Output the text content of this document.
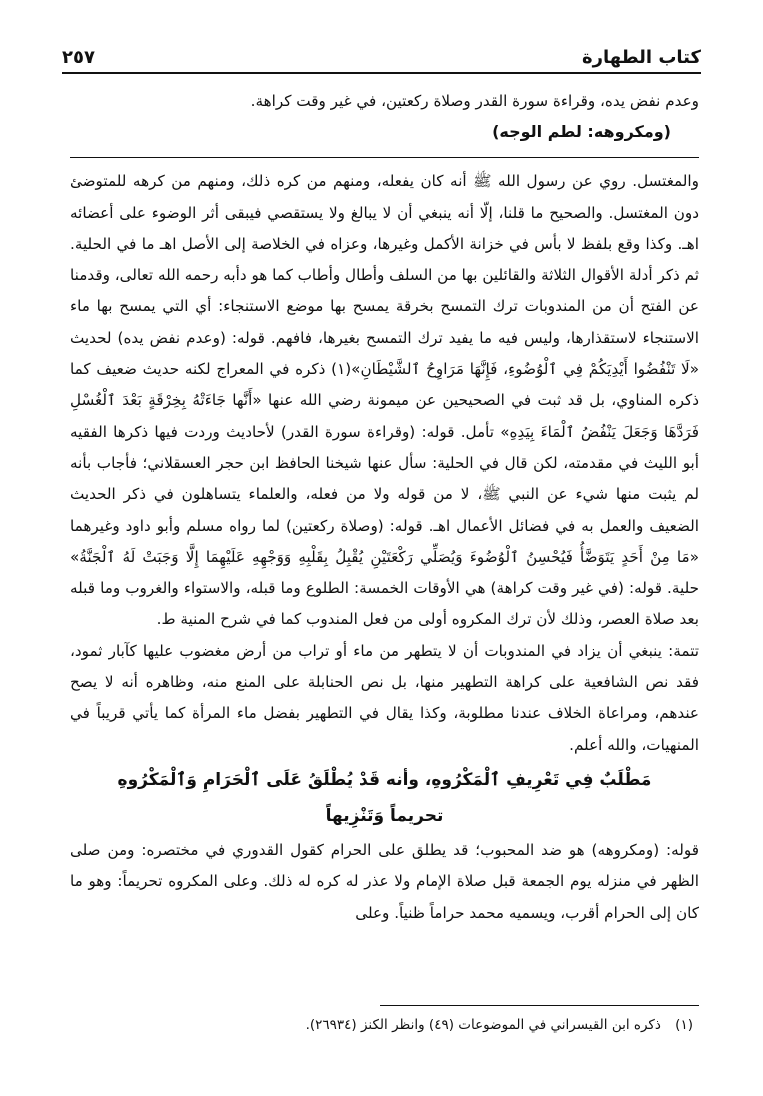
كتاب الطهارة
٢٥٧

وعدم نفض يده، وقراءة سورة القدر وصلاة ركعتين، في غير وقت كراهة.

(ومكروهه: لطم الوجه)

والمغتسل. روي عن رسول الله ﷺ أنه كان يفعله، ومنهم من كره ذلك، ومنهم من كرهه للمتوضئ دون المغتسل. والصحيح ما قلنا، إلّا أنه ينبغي أن لا يبالغ ولا يستقصي فيبقى أثر الوضوء على أعضائه اهـ. وكذا وقع بلفظ لا بأس في خزانة الأكمل وغيرها، وعزاه في الخلاصة إلى الأصل اهـ ما في الحلية. ثم ذكر أدلة الأقوال الثلاثة والقائلين بها من السلف وأطال وأطاب كما هو دأبه رحمه الله تعالى، وقدمنا عن الفتح أن من المندوبات ترك التمسح بخرقة يمسح بها موضع الاستنجاء: أي التي يمسح بها ماء الاستنجاء لاستقذارها، وليس فيه ما يفيد ترك التمسح بغيرها، فافهم. قوله: (وعدم نفض يده) لحديث «لَا تَنْفُضُوا أَيْدِيَكُمْ فِي ٱلْوُضُوءِ، فَإِنَّهَا مَرَاوِحُ ٱلشَّيْطَانِ»(١) ذكره في المعراج لكنه حديث ضعيف كما ذكره المناوي، بل قد ثبت في الصحيحين عن ميمونة رضي الله عنها «أَنَّها جَاءَتْهُ بِخِرْقَةٍ بَعْدَ ٱلْغُسْلِ فَرَدَّهَا وَجَعَلَ يَنْفُضُ ٱلْمَاءَ بِيَدِهِ» تأمل. قوله: (وقراءة سورة القدر) لأحاديث وردت فيها ذكرها الفقيه أبو الليث في مقدمته، لكن قال في الحلية: سأل عنها شيخنا الحافظ ابن حجر العسقلاني؛ فأجاب بأنه لم يثبت منها شيء عن النبي ﷺ، لا من قوله ولا من فعله، والعلماء يتساهلون في ذكر الحديث الضعيف والعمل به في فضائل الأعمال اهـ. قوله: (وصلاة ركعتين) لما رواه مسلم وأبو داود وغيرهما «مَا مِنْ أَحَدٍ يَتَوَضَّأُ فَيُحْسِنُ ٱلْوُضُوءَ وَيُصَلِّي رَكْعَتَيْنِ يُقْبِلُ بِقَلْبِهِ وَوَجْهِهِ عَلَيْهِمَا إِلَّا وَجَبَتْ لَهُ ٱلْجَنَّةُ» حلية. قوله: (في غير وقت كراهة) هي الأوقات الخمسة: الطلوع وما قبله، والاستواء والغروب وما قبله بعد صلاة العصر، وذلك لأن ترك المكروه أولى من فعل المندوب كما في شرح المنية ط.

تتمة: ينبغي أن يزاد في المندوبات أن لا يتطهر من ماء أو تراب من أرض مغضوب عليها كآبار ثمود، فقد نص الشافعية على كراهة التطهير منها، بل نص الحنابلة على المنع منه، وظاهره أنه لا يصح عندهم، ومراعاة الخلاف عندنا مطلوبة، وكذا يقال في التطهير بفضل ماء المرأة كما يأتي قريباً في المنهيات، والله أعلم.

مَطْلَبٌ فِي تَعْرِيفِ ٱلْمَكْرُوهِ، وأنه قَدْ يُطْلَقُ عَلَى ٱلْحَرَامِ وَٱلْمَكْرُوهِ
تحريماً وَتَنْزِيهاً

قوله: (ومكروهه) هو ضد المحبوب؛ قد يطلق على الحرام كقول القدوري في مختصره: ومن صلى الظهر في منزله يوم الجمعة قبل صلاة الإمام ولا عذر له كره له ذلك. وعلى المكروه تحريماً: وهو ما كان إلى الحرام أقرب، ويسميه محمد حراماً ظنياً. وعلى

(١) ذكره ابن القيسراني في الموضوعات (٤٩) وانظر الكنز (٢٦٩٣٤).
